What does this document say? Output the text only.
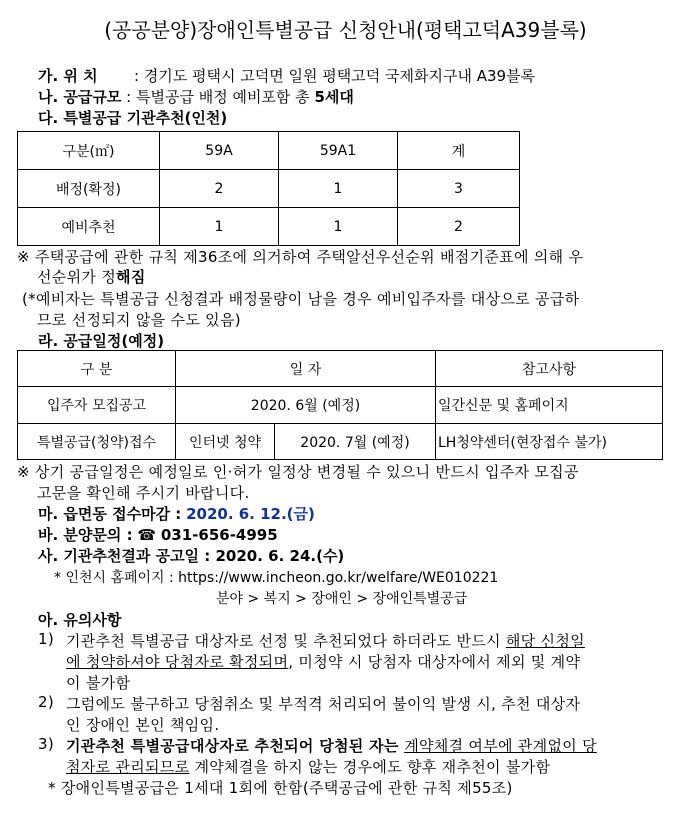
(공공분양)장애인특별공급 신청안내(평택고덕A39블록)
가. 위 치 : 경기도 평택시 고덕면 일원 평택고덕 국제화지구내 A39블록
나. 공급규모 : 특별공급 배정 예비포함 총 5세대
다. 특별공급 기관추천(인천)
구분(㎡)	59A	59A1	계
배정(확정)	2	1	3
예비추천	1	1	2
※ 주택공급에 관한 규칙 제36조에 의거하여 주택알선우선순위 배점기준표에 의해 우
선순위가 정해짐
(*예비자는 특별공급 신청결과 배정물량이 남을 경우 예비입주자를 대상으로 공급하
므로 선정되지 않을 수도 있음)
라. 공급일정(예정)
구 분	일 자		참고사항
입주자 모집공고	2020. 6월 (예정)		일간신문 및 홈페이지
특별공급(청약)접수	인터넷 청약	2020. 7월 (예정)	LH청약센터(현장접수 불가)
※ 상기 공급일정은 예정일로 인·허가 일정상 변경될 수 있으니 반드시 입주자 모집공
고문을 확인해 주시기 바랍니다.
마. 읍면동 접수마감 : 2020. 6. 12.(금)
바. 분양문의 : ☎ 031-656-4995
사. 기관추천결과 공고일 : 2020. 6. 24.(수)
* 인천시 홈페이지 : https://www.incheon.go.kr/welfare/WE010221
분야 > 복지 > 장애인 > 장애인특별공급
아. 유의사항
1) 기관추천 특별공급 대상자로 선정 및 추천되었다 하더라도 반드시 해당 신청일
에 청약하셔야 당첨자로 확정되며, 미청약 시 당첨자 대상자에서 제외 및 계약
이 불가함
2) 그럼에도 불구하고 당첨취소 및 부적격 처리되어 불이익 발생 시, 추천 대상자
인 장애인 본인 책임임.
3) 기관추천 특별공급대상자로 추천되어 당첨된 자는 계약체결 여부에 관계없이 당
첨자로 관리되므로 계약체결을 하지 않는 경우에도 향후 재추천이 불가함
* 장애인특별공급은 1세대 1회에 한함(주택공급에 관한 규칙 제55조)
